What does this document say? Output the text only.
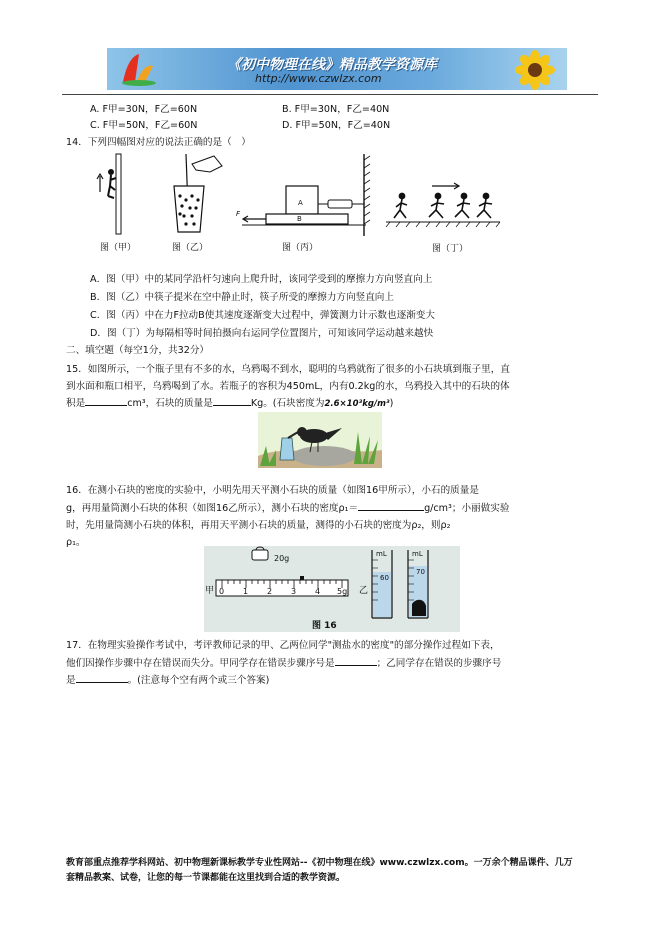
《初中物理在线》精品教学资源库
http://www.czwlzx.com
A. F甲=30N，F乙=60N	B. F甲=30N，F乙=40N
C. F甲=50N，F乙=60N	D. F甲=50N，F乙=40N
14．下列四幅图对应的说法正确的是（　）
图（甲）	图（乙）
A
B
F
图（丙）	图（丁）
A．图（甲）中的某同学沿杆匀速向上爬升时，该同学受到的摩擦力方向竖直向上
B．图（乙）中筷子提米在空中静止时，筷子所受的摩擦力方向竖直向上
C．图（丙）中在力F拉动B使其速度逐渐变大过程中，弹簧测力计示数也逐渐变大
D．图（丁）为每隔相等时间拍摄向右运同学位置图片，可知该同学运动越来越快
二、填空题（每空1分，共32分）
15．如图所示，一个瓶子里有不多的水，乌鸦喝不到水，聪明的乌鸦就衔了很多的小石块填到瓶子里，直
到水面和瓶口相平，乌鸦喝到了水。若瓶子的容积为450mL，内有0.2kg的水，乌鸦投入其中的石块的体
积是	cm³，石块的质量是	Kg。(石块密度为2.6×10³kg/m³)
16．在测小石块的密度的实验中，小明先用天平测小石块的质量（如图16甲所示），小石的质量是
g，再用量筒测小石块的体积（如图16乙所示），测小石块的密度ρ₁＝	g/cm³；小丽做实验
时，先用量筒测小石块的体积，再用天平测小石块的质量，测得的小石块的密度为ρ₂，则ρ₂
ρ₁。
20g
甲	乙
0 1 2 3 4 5g
mL
60
mL
70
图 16
17．在物理实验操作考试中，考评教师记录的甲、乙两位同学"测盐水的密度"的部分操作过程如下表，
他们因操作步骤中存在错误而失分。甲同学存在错误步骤序号是	；乙同学存在错误的步骤序号
是	。(注意每个空有两个或三个答案)
教育部重点推荐学科网站、初中物理新课标教学专业性网站--《初中物理在线》www.czwlzx.com。一万余个精品课件、几万
套精品教案、试卷，让您的每一节课都能在这里找到合适的教学资源。
